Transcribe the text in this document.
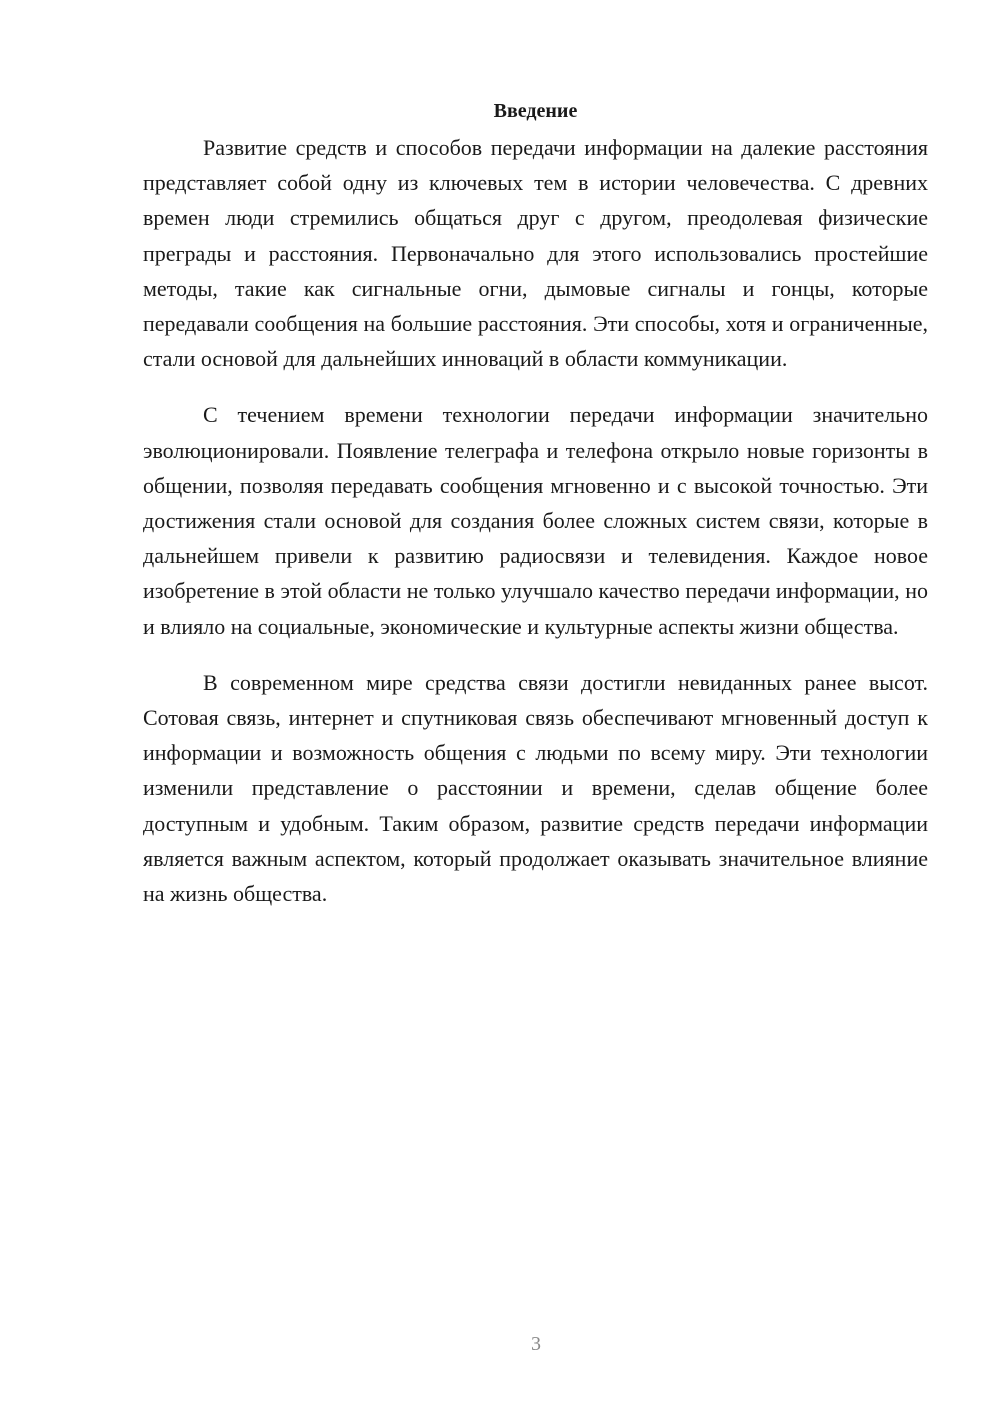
Введение

Развитие средств и способов передачи информации на далекие расстояния представляет собой одну из ключевых тем в истории человечества. С древних времен люди стремились общаться друг с другом, преодолевая физические преграды и расстояния. Первоначально для этого использовались простейшие методы, такие как сигнальные огни, дымовые сигналы и гонцы, которые передавали сообщения на большие расстояния. Эти способы, хотя и ограниченные, стали основой для дальнейших инноваций в области коммуникации.

С течением времени технологии передачи информации значительно эволюционировали. Появление телеграфа и телефона открыло новые горизонты в общении, позволяя передавать сообщения мгновенно и с высокой точностью. Эти достижения стали основой для создания более сложных систем связи, которые в дальнейшем привели к развитию радиосвязи и телевидения. Каждое новое изобретение в этой области не только улучшало качество передачи информации, но и влияло на социальные, экономические и культурные аспекты жизни общества.

В современном мире средства связи достигли невиданных ранее высот. Сотовая связь, интернет и спутниковая связь обеспечивают мгновенный доступ к информации и возможность общения с людьми по всему миру. Эти технологии изменили представление о расстоянии и времени, сделав общение более доступным и удобным. Таким образом, развитие средств передачи информации является важным аспектом, который продолжает оказывать значительное влияние на жизнь общества.

3
